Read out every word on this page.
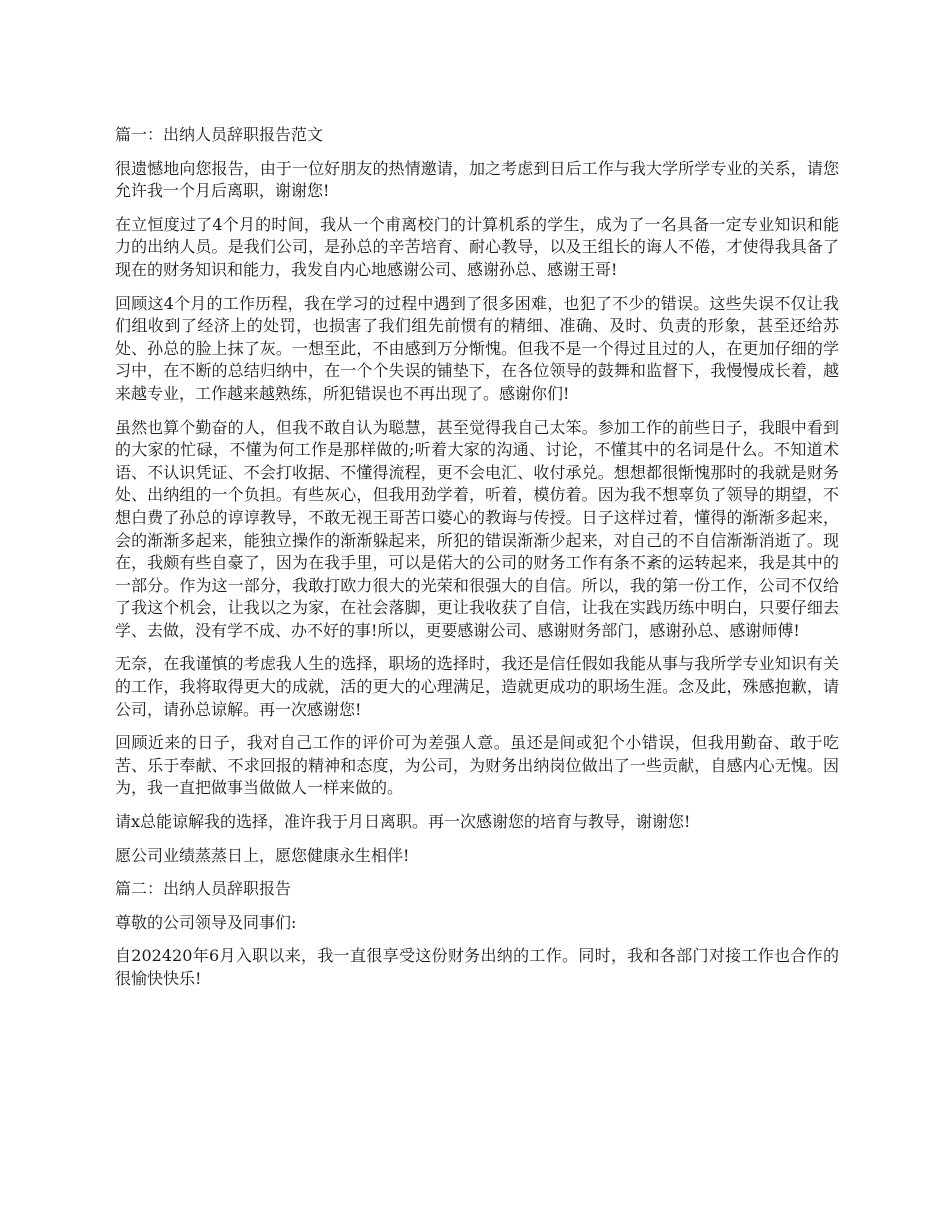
篇一：出纳人员辞职报告范文

很遗憾地向您报告，由于一位好朋友的热情邀请，加之考虑到日后工作与我大学所学专业的关系，请您允许我一个月后离职，谢谢您!

在立恒度过了4个月的时间，我从一个甫离校门的计算机系的学生，成为了一名具备一定专业知识和能力的出纳人员。是我们公司，是孙总的辛苦培育、耐心教导，以及王组长的诲人不倦，才使得我具备了现在的财务知识和能力，我发自内心地感谢公司、感谢孙总、感谢王哥!

回顾这4个月的工作历程，我在学习的过程中遇到了很多困难，也犯了不少的错误。这些失误不仅让我们组收到了经济上的处罚，也损害了我们组先前惯有的精细、准确、及时、负责的形象，甚至还给苏处、孙总的脸上抹了灰。一想至此，不由感到万分惭愧。但我不是一个得过且过的人，在更加仔细的学习中，在不断的总结归纳中，在一个个失误的铺垫下，在各位领导的鼓舞和监督下，我慢慢成长着，越来越专业，工作越来越熟练，所犯错误也不再出现了。感谢你们!

虽然也算个勤奋的人，但我不敢自认为聪慧，甚至觉得我自己太笨。参加工作的前些日子，我眼中看到的大家的忙碌，不懂为何工作是那样做的;听着大家的沟通、讨论，不懂其中的名词是什么。不知道术语、不认识凭证、不会打收据、不懂得流程，更不会电汇、收付承兑。想想都很惭愧那时的我就是财务处、出纳组的一个负担。有些灰心，但我用劲学着，听着，模仿着。因为我不想辜负了领导的期望，不想白费了孙总的谆谆教导，不敢无视王哥苦口婆心的教诲与传授。日子这样过着，懂得的渐渐多起来，会的渐渐多起来，能独立操作的渐渐躲起来，所犯的错误渐渐少起来，对自己的不自信渐渐消逝了。现在，我颇有些自豪了，因为在我手里，可以是偌大的公司的财务工作有条不紊的运转起来，我是其中的一部分。作为这一部分，我敢打欧力很大的光荣和很强大的自信。所以，我的第一份工作，公司不仅给了我这个机会，让我以之为家，在社会落脚，更让我收获了自信，让我在实践历练中明白，只要仔细去学、去做，没有学不成、办不好的事!所以，更要感谢公司、感谢财务部门，感谢孙总、感谢师傅!

无奈，在我谨慎的考虑我人生的选择，职场的选择时，我还是信任假如我能从事与我所学专业知识有关的工作，我将取得更大的成就，活的更大的心理满足，造就更成功的职场生涯。念及此，殊感抱歉，请公司，请孙总谅解。再一次感谢您!

回顾近来的日子，我对自己工作的评价可为差强人意。虽还是间或犯个小错误，但我用勤奋、敢于吃苦、乐于奉献、不求回报的精神和态度，为公司，为财务出纳岗位做出了一些贡献，自感内心无愧。因为，我一直把做事当做做人一样来做的。

请x总能谅解我的选择，准许我于月日离职。再一次感谢您的培育与教导，谢谢您!

愿公司业绩蒸蒸日上，愿您健康永生相伴!

篇二：出纳人员辞职报告

尊敬的公司领导及同事们:

自202420年6月入职以来，我一直很享受这份财务出纳的工作。同时，我和各部门对接工作也合作的很愉快快乐!
